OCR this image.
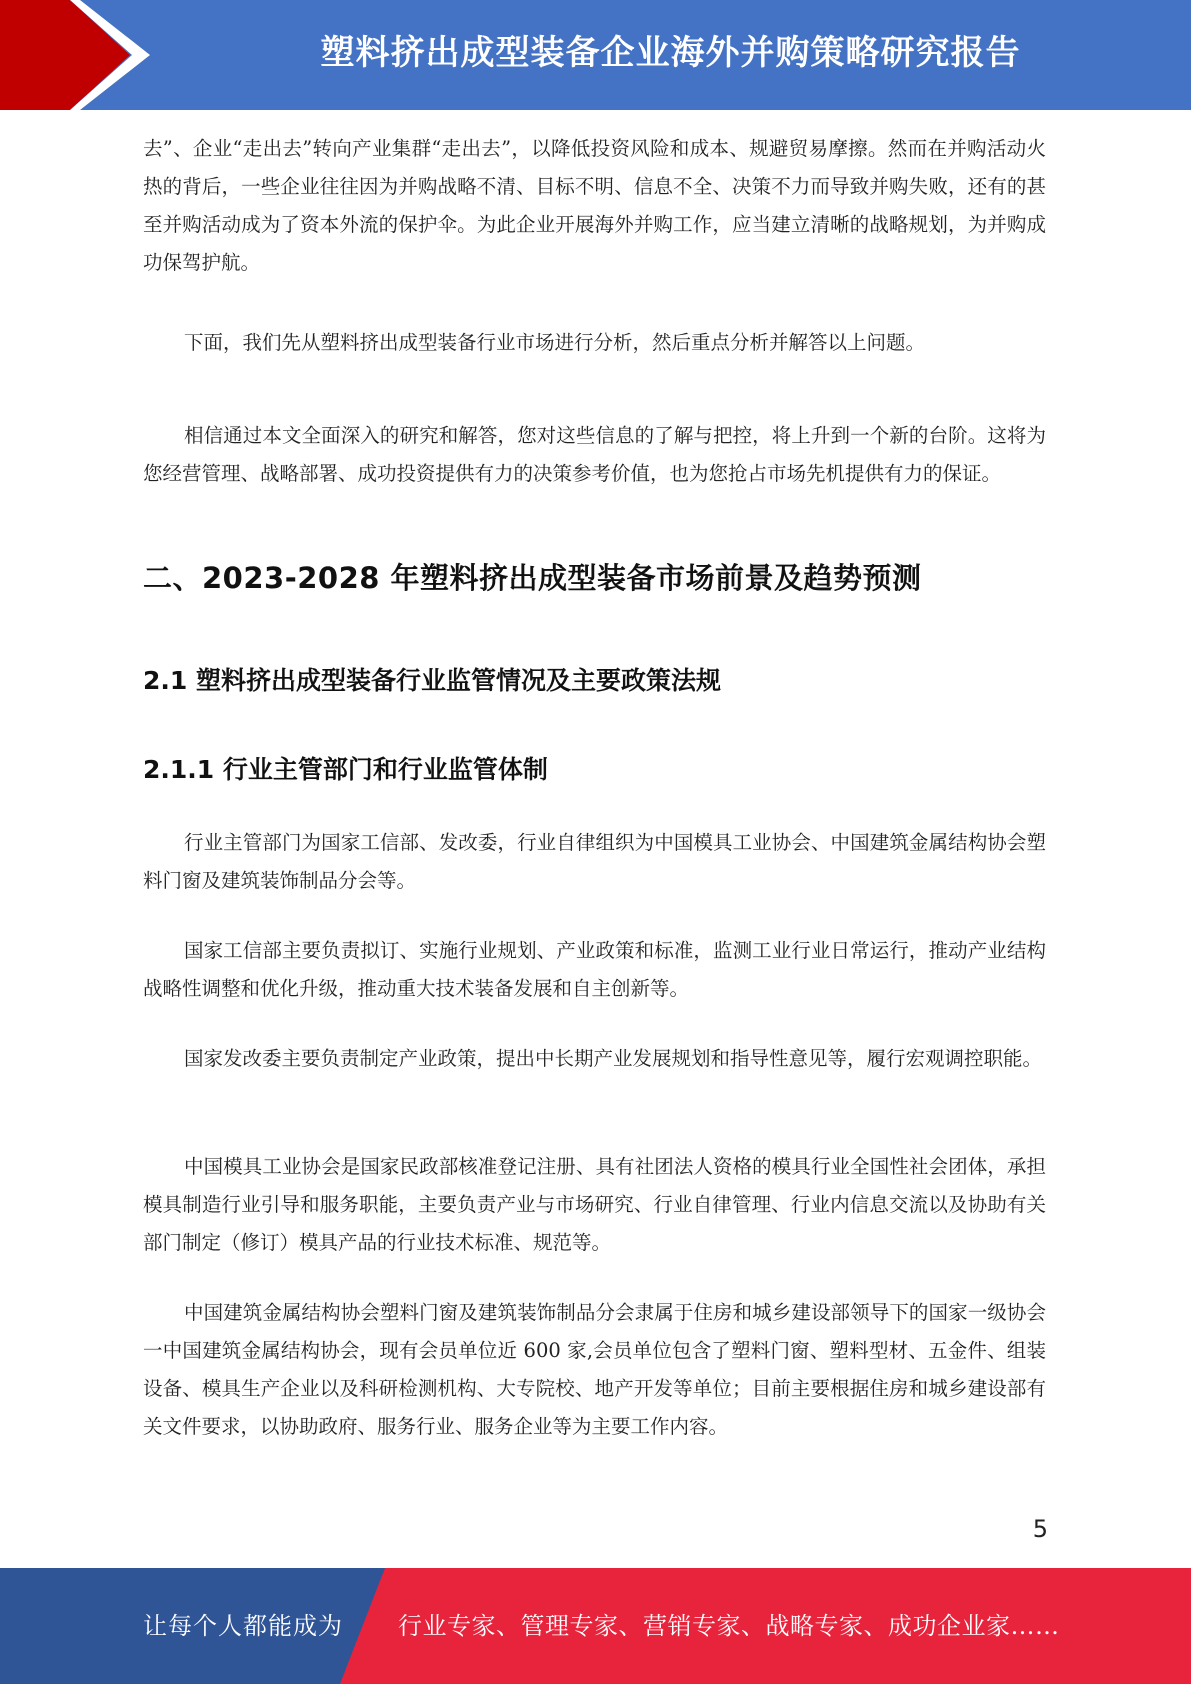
塑料挤出成型装备企业海外并购策略研究报告

去”、企业“走出去”转向产业集群“走出去”，以降低投资风险和成本、规避贸易摩擦。然而在并购活动火热的背后，一些企业往往因为并购战略不清、目标不明、信息不全、决策不力而导致并购失败，还有的甚至并购活动成为了资本外流的保护伞。为此企业开展海外并购工作，应当建立清晰的战略规划，为并购成功保驾护航。

下面，我们先从塑料挤出成型装备行业市场进行分析，然后重点分析并解答以上问题。

相信通过本文全面深入的研究和解答，您对这些信息的了解与把控，将上升到一个新的台阶。这将为您经营管理、战略部署、成功投资提供有力的决策参考价值，也为您抢占市场先机提供有力的保证。

二、2023-2028 年塑料挤出成型装备市场前景及趋势预测
2.1 塑料挤出成型装备行业监管情况及主要政策法规
2.1.1 行业主管部门和行业监管体制

行业主管部门为国家工信部、发改委，行业自律组织为中国模具工业协会、中国建筑金属结构协会塑料门窗及建筑装饰制品分会等。

国家工信部主要负责拟订、实施行业规划、产业政策和标准，监测工业行业日常运行，推动产业结构战略性调整和优化升级，推动重大技术装备发展和自主创新等。

国家发改委主要负责制定产业政策，提出中长期产业发展规划和指导性意见等，履行宏观调控职能。

中国模具工业协会是国家民政部核准登记注册、具有社团法人资格的模具行业全国性社会团体，承担模具制造行业引导和服务职能，主要负责产业与市场研究、行业自律管理、行业内信息交流以及协助有关部门制定（修订）模具产品的行业技术标准、规范等。

中国建筑金属结构协会塑料门窗及建筑装饰制品分会隶属于住房和城乡建设部领导下的国家一级协会一中国建筑金属结构协会，现有会员单位近 600 家,会员单位包含了塑料门窗、塑料型材、五金件、组装设备、模具生产企业以及科研检测机构、大专院校、地产开发等单位；目前主要根据住房和城乡建设部有关文件要求，以协助政府、服务行业、服务企业等为主要工作内容。

5
让每个人都能成为 行业专家、管理专家、营销专家、战略专家、成功企业家……
